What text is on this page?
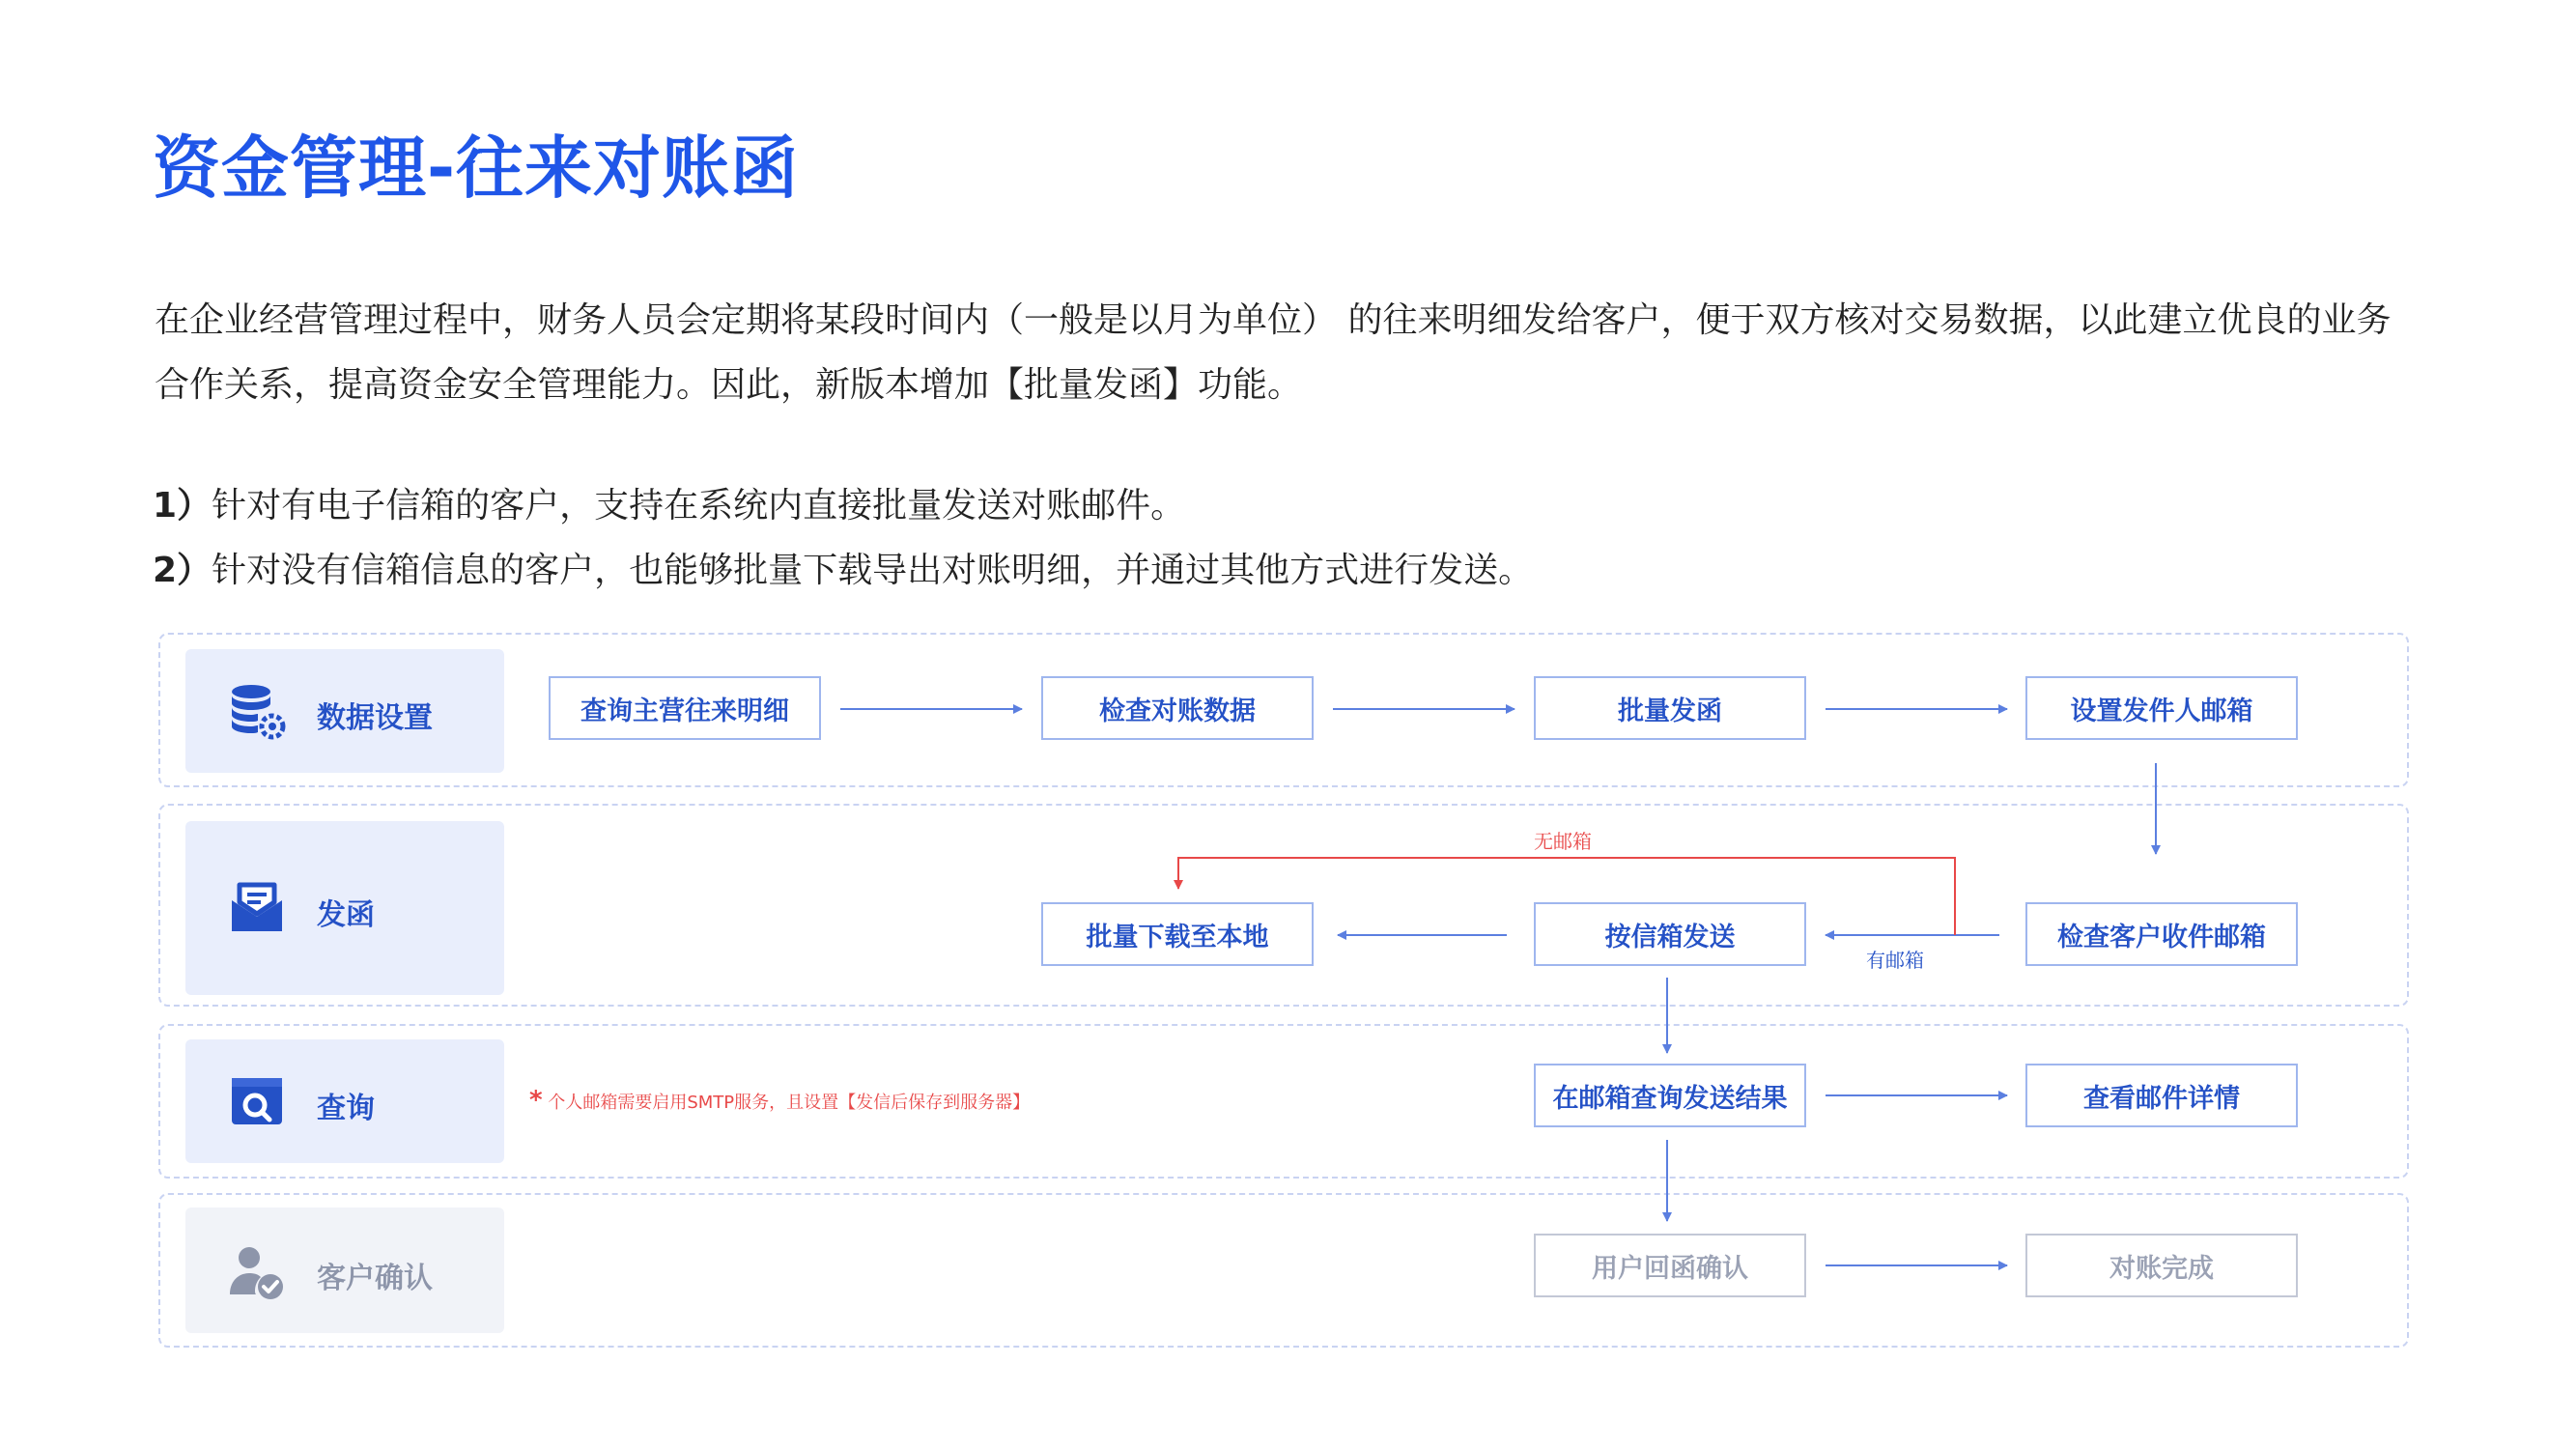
资金管理-往来对账函
在企业经营管理过程中，财务人员会定期将某段时间内（一般是以月为单位） 的往来明细发给客户，便于双方核对交易数据，以此建立优良的业务
合作关系，提高资金安全管理能力。因此，新版本增加【批量发函】功能。
1）针对有电子信箱的客户，支持在系统内直接批量发送对账邮件。
2）针对没有信箱信息的客户，也能够批量下载导出对账明细，并通过其他方式进行发送。
数据设置
发函
查询
客户确认
查询主营往来明细	检查对账数据	批量发函	设置发件人邮箱
批量下载至本地	按信箱发送	检查客户收件邮箱
在邮箱查询发送结果	查看邮件详情
用户回函确认	对账完成
无邮箱
有邮箱
* 个人邮箱需要启用SMTP服务，且设置【发信后保存到服务器】
